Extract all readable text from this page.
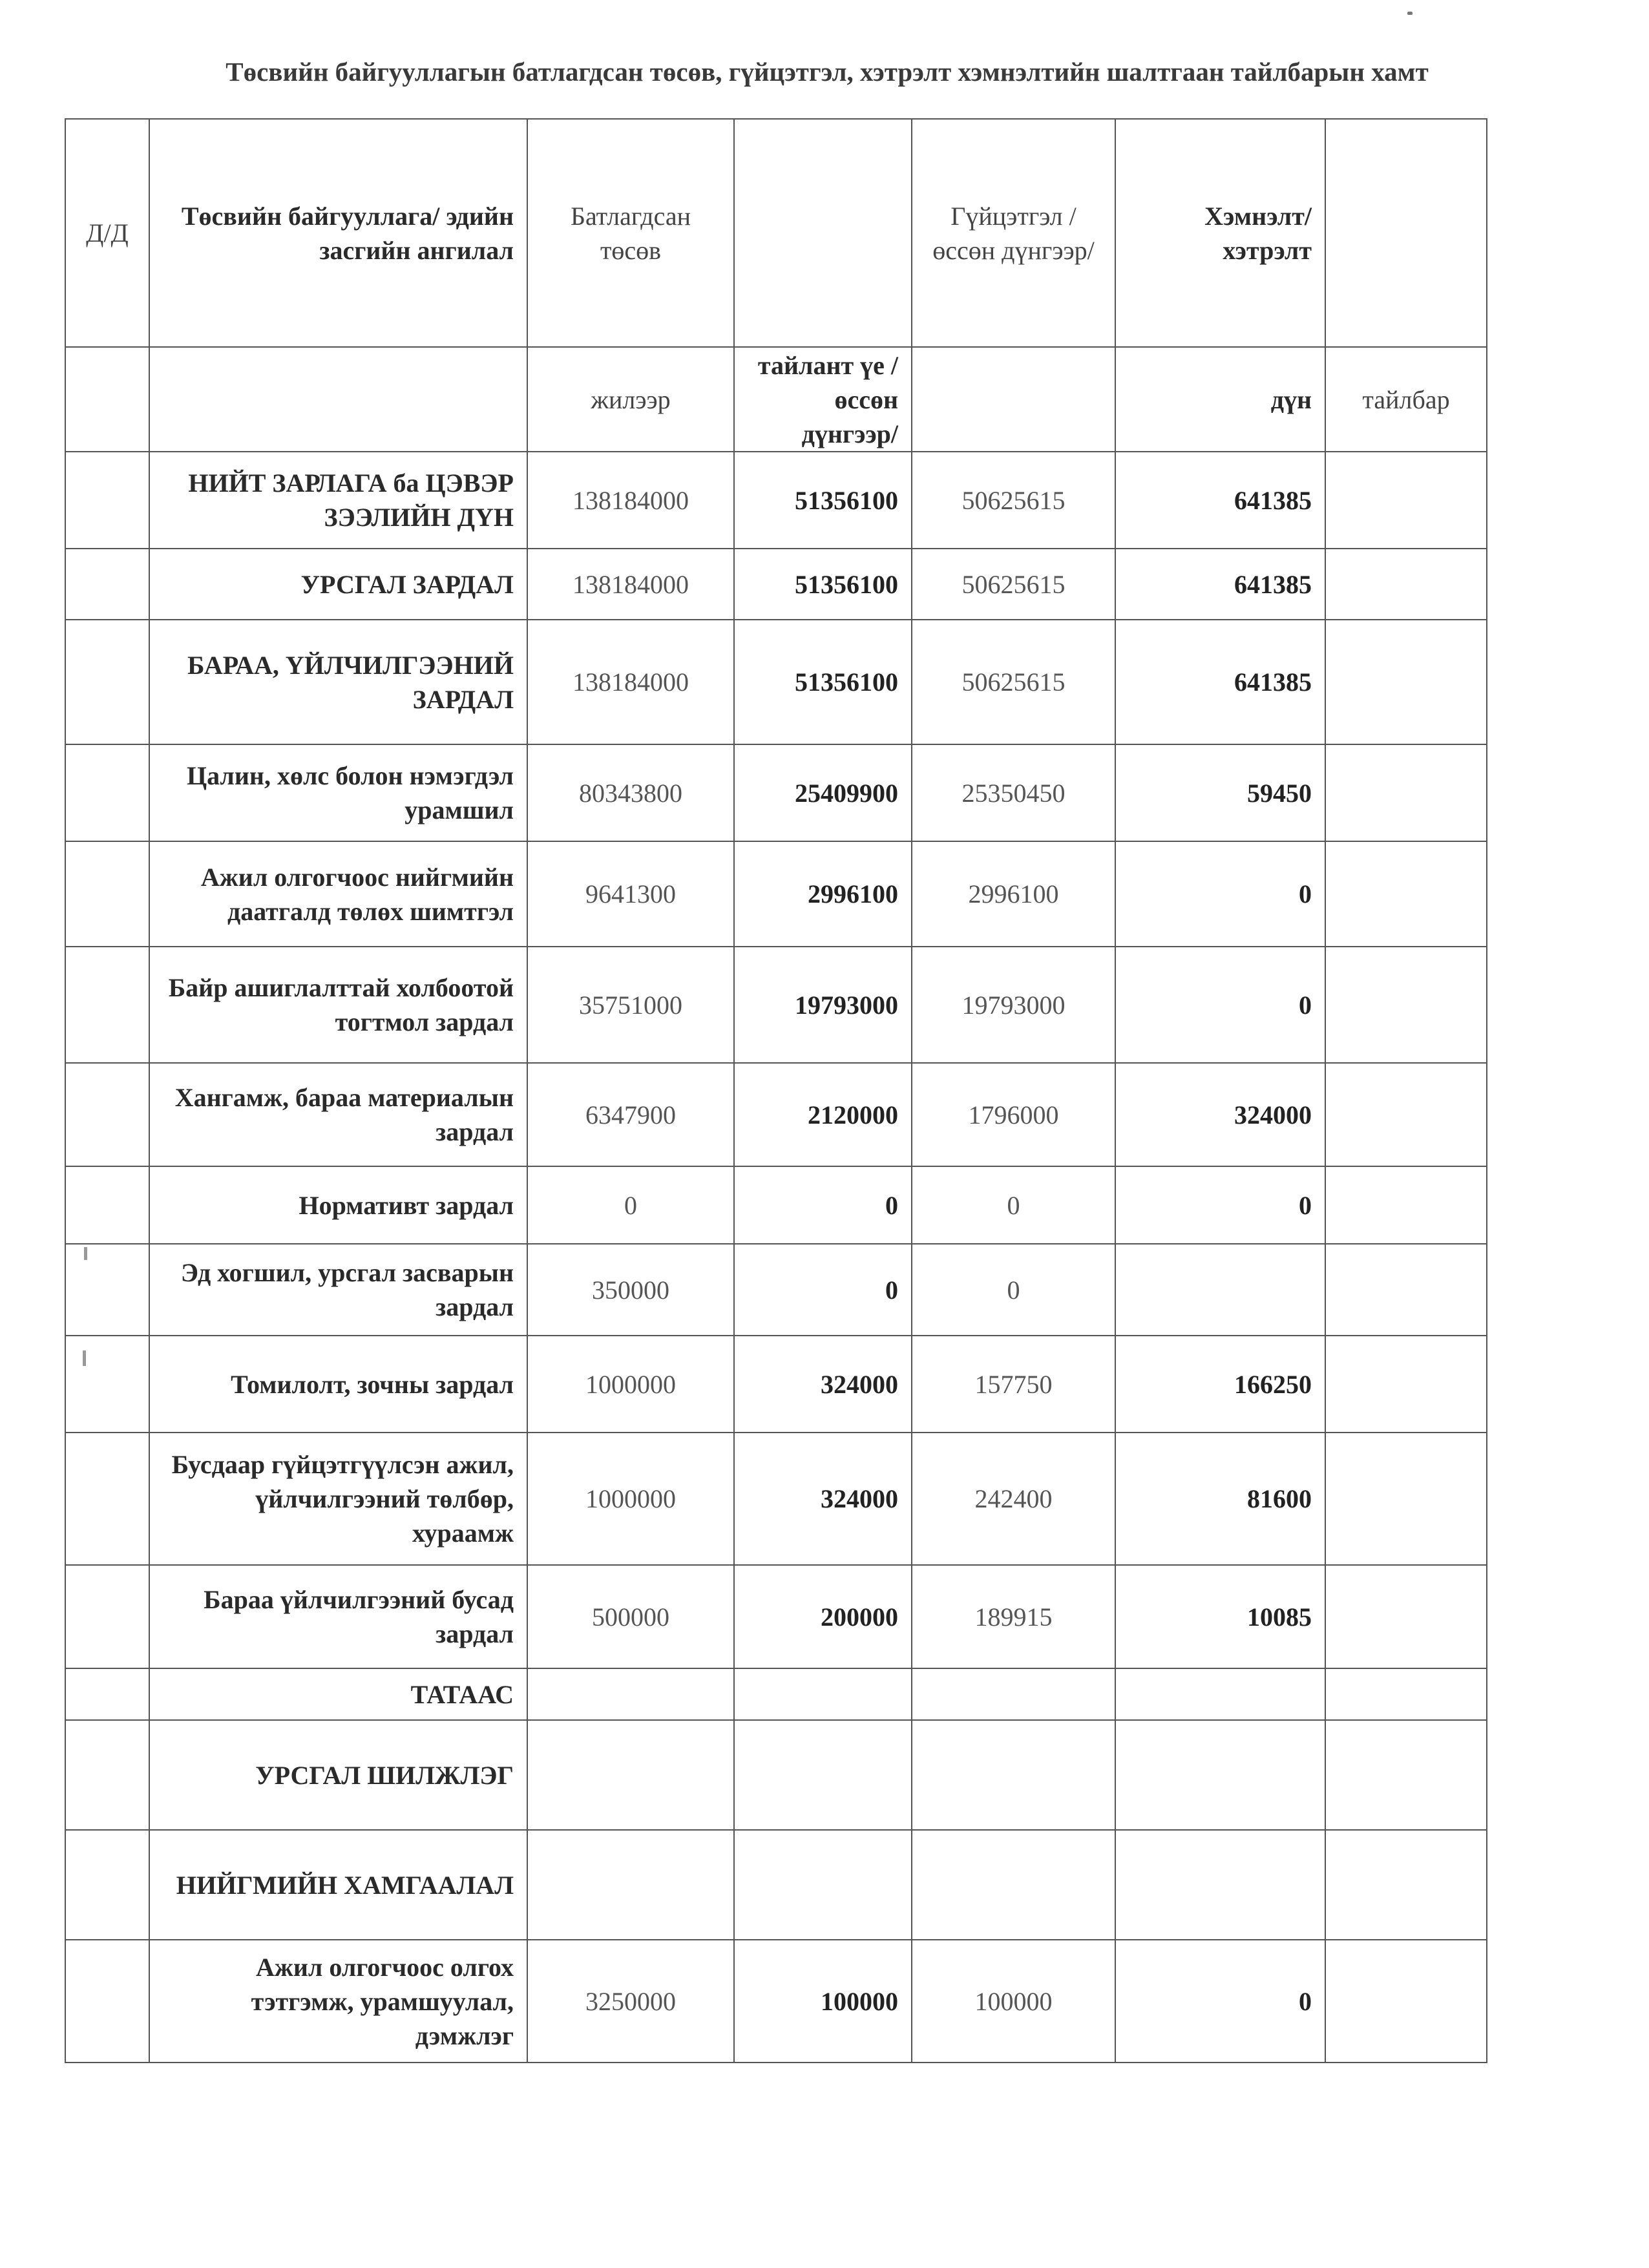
Төсвийн байгууллагын батлагдсан төсөв, гүйцэтгэл, хэтрэлт хэмнэлтийн шалтгаан тайлбарын хамт
Д/Д	Төсвийн байгууллага/ эдийн засгийн ангилал	Батлагдсан төсөв		Гүйцэтгэл /өссөн дүнгээр/	Хэмнэлт/ хэтрэлт	
		жилээр	тайлант үе /өссөн дүнгээр/		дүн	тайлбар
	НИЙТ ЗАРЛАГА ба ЦЭВЭР ЗЭЭЛИЙН ДҮН	138184000	51356100	50625615	641385	
	УРСГАЛ ЗАРДАЛ	138184000	51356100	50625615	641385	
	БАРАА, ҮЙЛЧИЛГЭЭНИЙ ЗАРДАЛ	138184000	51356100	50625615	641385	
	Цалин, хөлс болон нэмэгдэл урамшил	80343800	25409900	25350450	59450	
	Ажил олгогчоос нийгмийн даатгалд төлөх шимтгэл	9641300	2996100	2996100	0	
	Байр ашиглалттай холбоотой тогтмол зардал	35751000	19793000	19793000	0	
	Хангамж, бараа материалын зардал	6347900	2120000	1796000	324000	
	Нормативт зардал	0	0	0	0	
	Эд хогшил, урсгал засварын зардал	350000	0	0		
	Томилолт, зочны зардал	1000000	324000	157750	166250	
	Бусдаар гүйцэтгүүлсэн ажил, үйлчилгээний төлбөр, хураамж	1000000	324000	242400	81600	
	Бараа үйлчилгээний бусад зардал	500000	200000	189915	10085	
	ТАТААС					
	УРСГАЛ ШИЛЖЛЭГ					
	НИЙГМИЙН ХАМГААЛАЛ					
	Ажил олгогчоос олгох тэтгэмж, урамшуулал, дэмжлэг	3250000	100000	100000	0	
